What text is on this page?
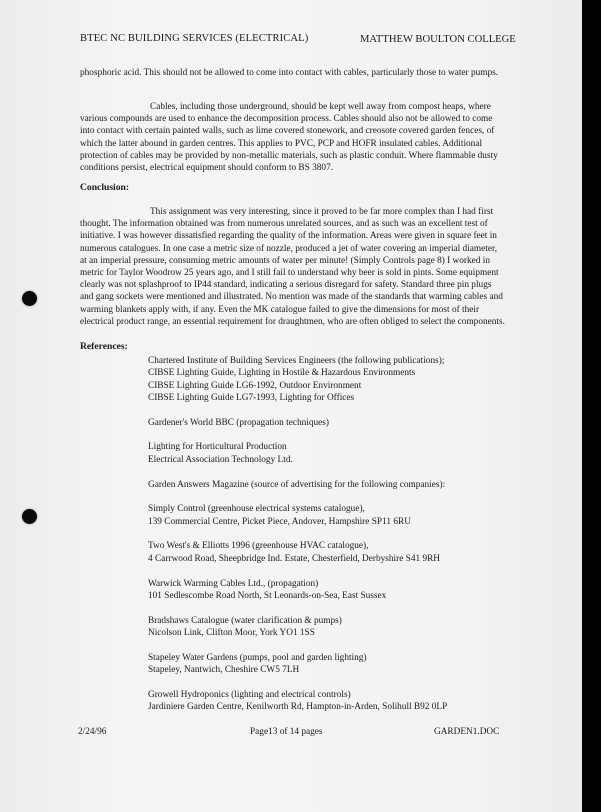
BTEC NC BUILDING SERVICES (ELECTRICAL)	MATTHEW BOULTON COLLEGE
phosphoric acid. This should not be allowed to come into contact with cables, particularly those to water pumps.
Cables, including those underground, should be kept well away from compost heaps, where various compounds are used to enhance the decomposition process. Cables should also not be allowed to come into contact with certain painted walls, such as lime covered stonework, and creosote covered garden fences, of which the latter abound in garden centres. This applies to PVC, PCP and HOFR insulated cables. Additional protection of cables may be provided by non-metallic materials, such as plastic conduit. Where flammable dusty conditions persist, electrical equipment should conform to BS 3807.
Conclusion:
This assignment was very interesting, since it proved to be far more complex than I had first thought. The information obtained was from numerous unrelated sources, and as such was an excellent test of initiative. I was however dissatisfied regarding the quality of the information. Areas were given in square feet in numerous catalogues. In one case a metric size of nozzle, produced a jet of water covering an imperial diameter, at an imperial pressure, consuming metric amounts of water per minute! (Simply Controls page 8) I worked in metric for Taylor Woodrow 25 years ago, and I still fail to understand why beer is sold in pints. Some equipment clearly was not splashproof to IP44 standard, indicating a serious disregard for safety. Standard three pin plugs and gang sockets were mentioned and illustrated. No mention was made of the standards that warming cables and warming blankets apply with, if any. Even the MK catalogue failed to give the dimensions for most of their electrical product range, an essential requirement for draughtmen, who are often obliged to select the components.
References:
Chartered Institute of Building Services Engineers (the following publications);
CIBSE Lighting Guide, Lighting in Hostile & Hazardous Environments
CIBSE Lighting Guide LG6-1992, Outdoor Environment
CIBSE Lighting Guide LG7-1993, Lighting for Offices
Gardener's World BBC (propagation techniques)
Lighting for Horticultural Production
Electrical Association Technology Ltd.
Garden Answers Magazine (source of advertising for the following companies):
Simply Control (greenhouse electrical systems catalogue),
139 Commercial Centre, Picket Piece, Andover, Hampshire SP11 6RU
Two West's & Elliotts 1996 (greenhouse HVAC catalogue),
4 Carrwood Road, Sheepbridge Ind. Estate, Chesterfield, Derbyshire S41 9RH
Warwick Warming Cables Ltd., (propagation)
101 Sedlescombe Road North, St Leonards-on-Sea, East Sussex
Bradshaws Catalogue (water clarification & pumps)
Nicolson Link, Clifton Moor, York YO1 1SS
Stapeley Water Gardens (pumps, pool and garden lighting)
Stapeley, Nantwich, Cheshire CW5 7LH
Growell Hydroponics (lighting and electrical controls)
Jardiniere Garden Centre, Kenilworth Rd, Hampton-in-Arden, Solihull B92 0LP
2/24/96	Page13 of 14 pages	GARDEN1.DOC
